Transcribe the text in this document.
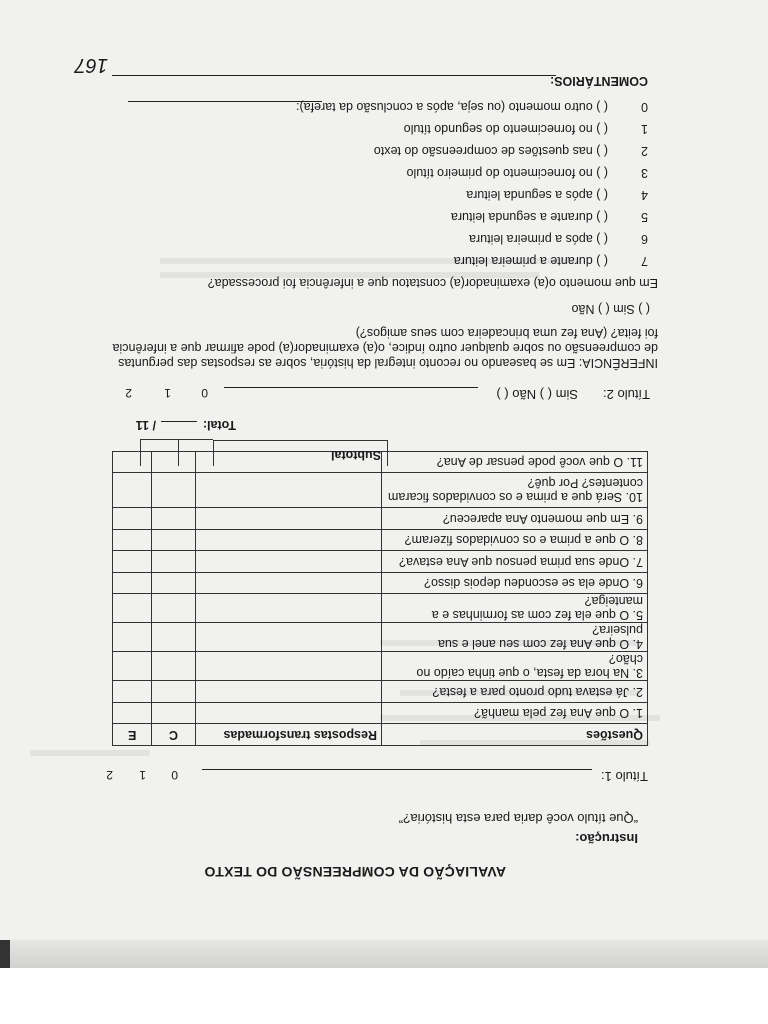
AVALIAÇÃO DA COMPREENSÃO DO TEXTO
Instrução:
“Que título você daria para esta história?”
Título 1:
0
1
2
Questões	Respostas transformadas	C	E
1. O que Ana fez pela manhã?			
2. Já estava tudo pronto para a festa?			
3. Na hora da festa, o que tinha caído no chão?			
4. O que Ana fez com seu anel e sua pulseira?			
5. O que ela fez com as forminhas e a manteiga?			
6. Onde ela se escondeu depois disso?			
7. Onde sua prima pensou que Ana estava?			
8. O que a prima e os convidados fizeram?			
9. Em que momento Ana apareceu?			
10. Será que a prima e os convidados ficaram contentes? Por quê?			
11. O que você pode pensar de Ana?			
Subtotal
Total:  / 11
Título 2:
Sim ( ) Não ( )
0
1
2
INFERÊNCIA: Em se baseando no reconto integral da história, sobre as respostas das perguntas de compreensão ou sobre qualquer outro índice, o(a) examinador(a) pode afirmar que a inferência foi feita? (Ana fez uma brincadeira com seus amigos?)
( ) Sim ( ) Não
Em que momento o(a) examinador(a) constatou que a inferência foi processada?
7( ) durante a primeira leitura
6( ) após a primeira leitura
5( ) durante a segunda leitura
4( ) após a segunda leitura
3( ) no fornecimento do primeiro título
2( ) nas questões de compreensão do texto
1( ) no fornecimento do segundo título
0( ) outro momento (ou seja, após a conclusão da tarefa):
COMENTÁRIOS:
167
